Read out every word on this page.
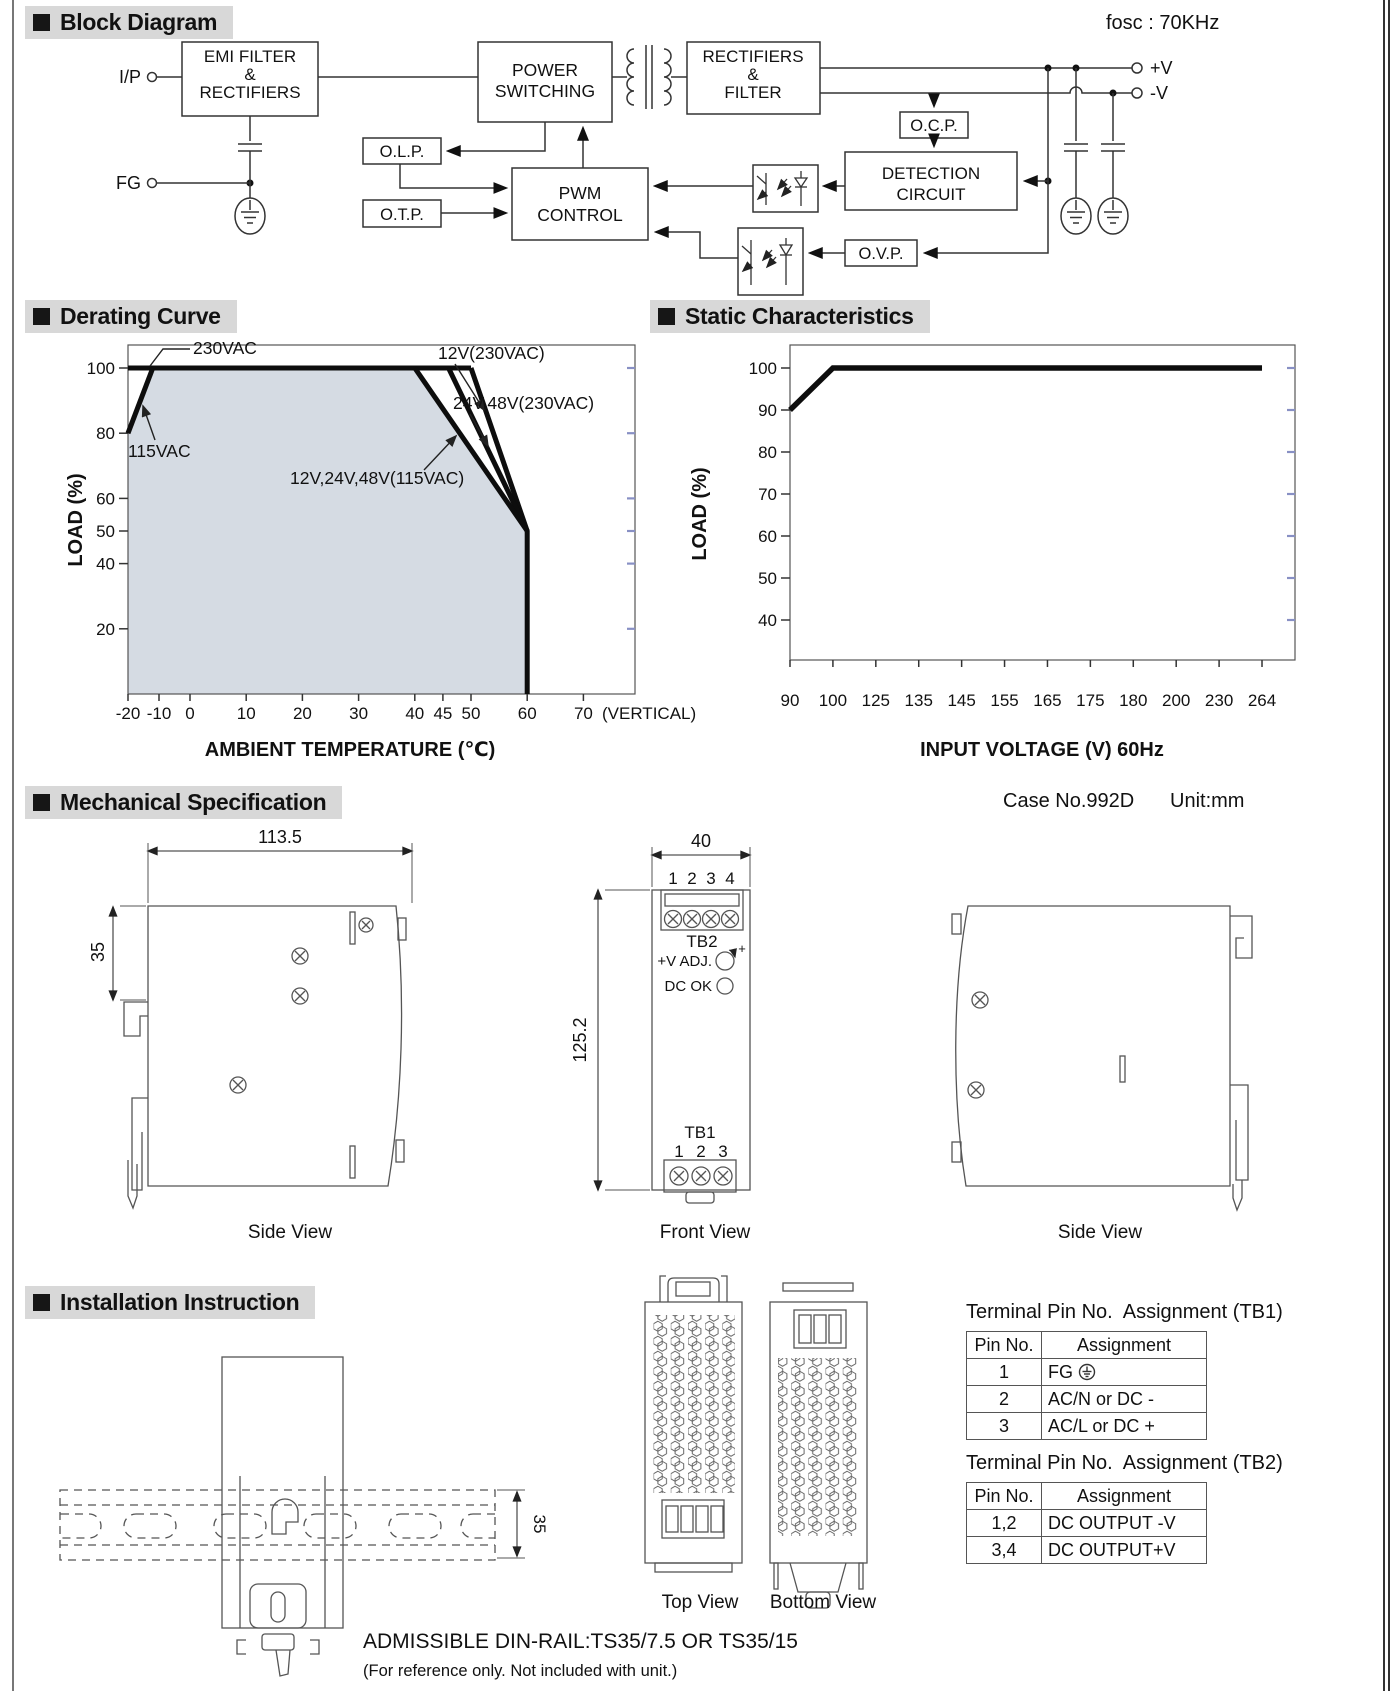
EMI FILTER
&
RECTIFIERS
POWER
SWITCHING
RECTIFIERS
&
FILTER
O.C.P.
DETECTION
CIRCUIT
O.V.P.
O.L.P.
O.T.P.
PWM
CONTROL
I/P
FG
+V
-V
20
40
50
60
80
100
-20 -10 0 10 20 30 40 45 50 60 70 (VERTICAL)
230VAC
115VAC
12V(230VAC)
24V,48V(230VAC)
12V,24V,48V(115VAC)
LOAD (%)
AMBIENT TEMPERATURE (℃)
40
50
60
70
80
90
100
90 100 125 135 145 155 165 175 180 200 230 264
LOAD (%)
INPUT VOLTAGE (V) 60Hz
113.5
35
40
125.2
1 2 3 4
TB2
+V ADJ.
+
DC OK
TB1
1 2 3
35
Block Diagram	fosc : 70KHz
Derating Curve	Static Characteristics
Mechanical Specification	Case No.992D Unit:mm
Side View	Front View	Side View
Installation Instruction
Top View Bottom View
Terminal Pin No.  Assignment (TB1)
Pin No.	Assignment
1	FG
2	AC/N or DC -
3	AC/L or DC +
Terminal Pin No.  Assignment (TB2)
Pin No.	Assignment
1,2	DC OUTPUT -V
3,4	DC OUTPUT+V
ADMISSIBLE DIN-RAIL:TS35/7.5 OR TS35/15
(For reference only. Not included with unit.)
